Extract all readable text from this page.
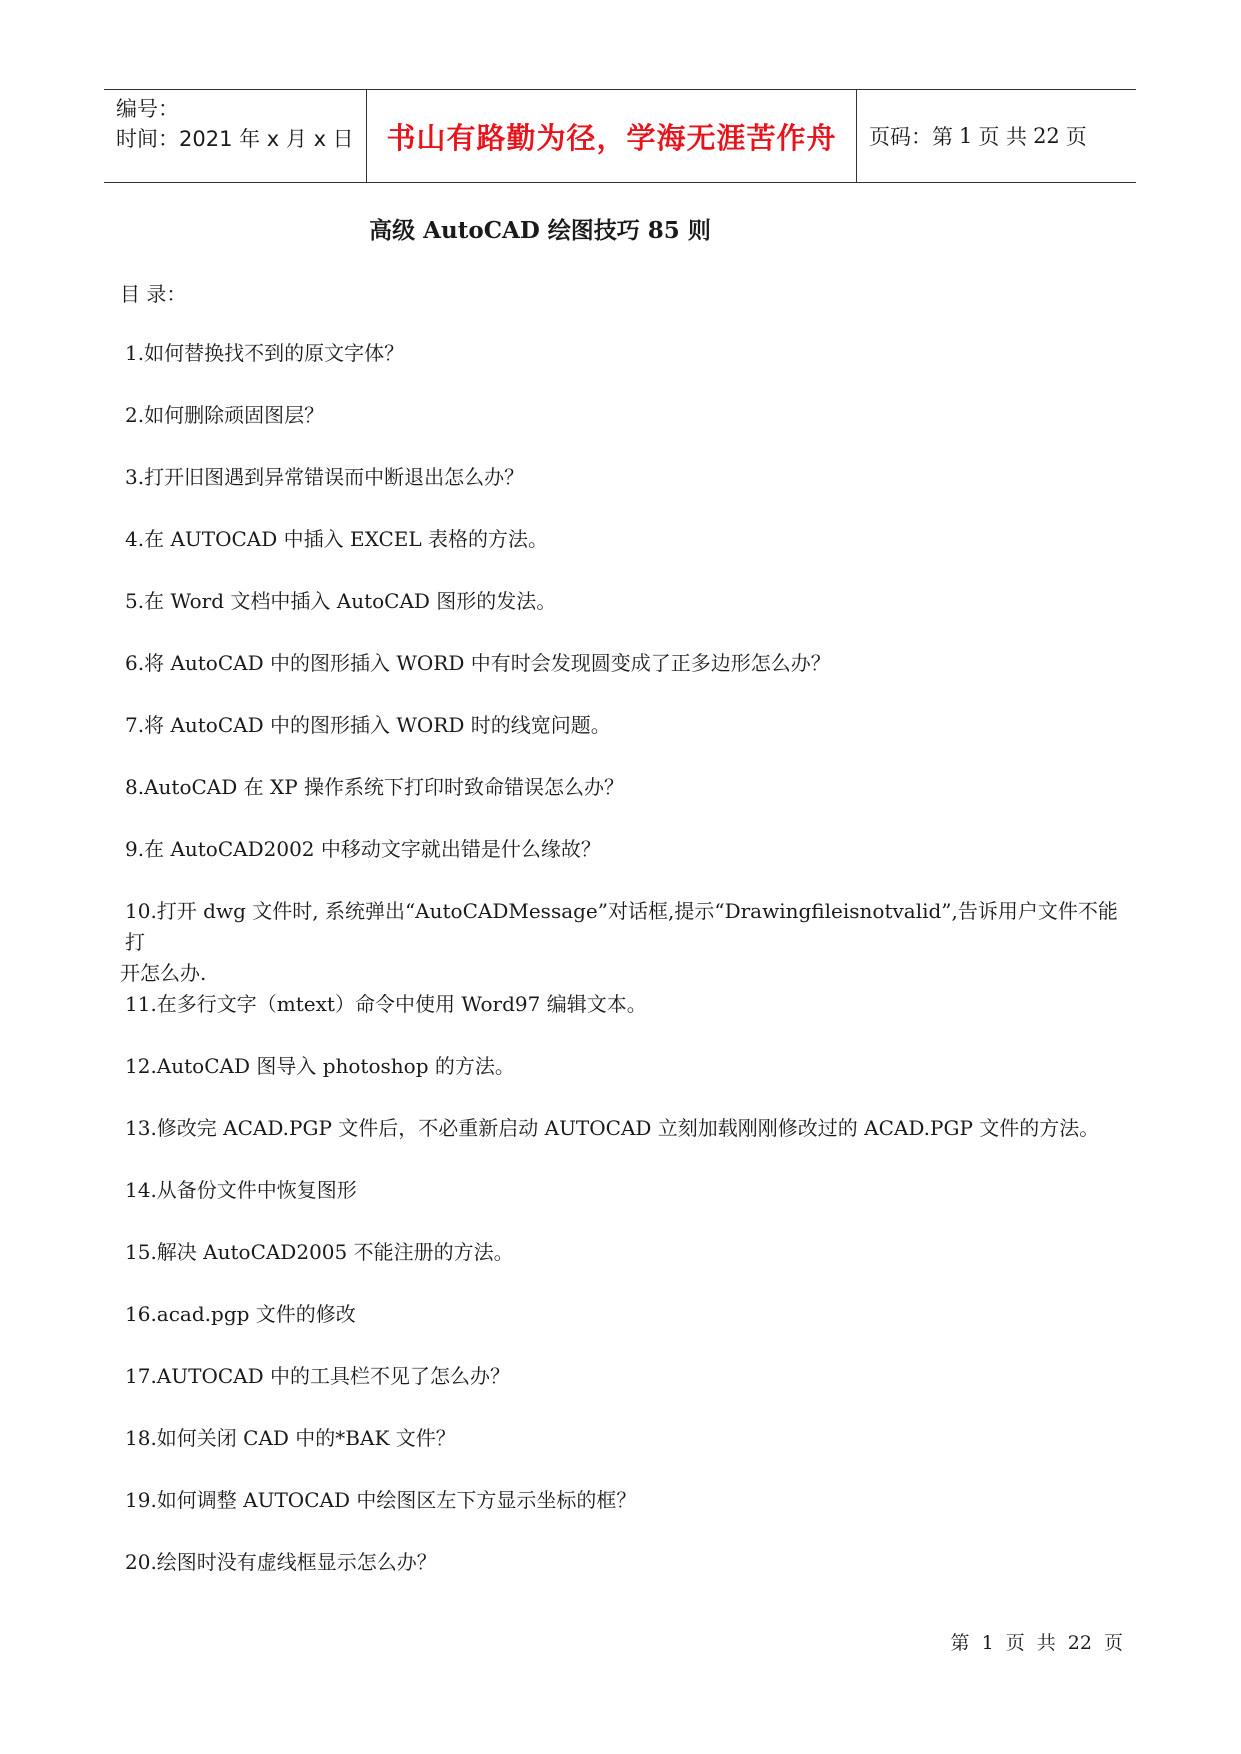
编号：
时间：2021 年 x 月 x 日	书山有路勤为径，学海无涯苦作舟	页码：第 1 页 共 22 页
高级 AutoCAD 绘图技巧 85 则
目 录：
1.如何替换找不到的原文字体？
2.如何删除顽固图层？
3.打开旧图遇到异常错误而中断退出怎么办？
4.在 AUTOCAD 中插入 EXCEL 表格的方法。
5.在 Word 文档中插入 AutoCAD 图形的发法。
6.将 AutoCAD 中的图形插入 WORD 中有时会发现圆变成了正多边形怎么办？
7.将 AutoCAD 中的图形插入 WORD 时的线宽问题。
8.AutoCAD 在 XP 操作系统下打印时致命错误怎么办？
9.在 AutoCAD2002 中移动文字就出错是什么缘故？
10.打开 dwg 文件时, 系统弹出“AutoCADMessage”对话框,提示“Drawingfileisnotvalid”,告诉用户文件不能打
开怎么办.
11.在多行文字（mtext）命令中使用 Word97 编辑文本。
12.AutoCAD 图导入 photoshop 的方法。
13.修改完 ACAD.PGP 文件后，不必重新启动 AUTOCAD 立刻加载刚刚修改过的 ACAD.PGP 文件的方法。
14.从备份文件中恢复图形
15.解决 AutoCAD2005 不能注册的方法。
16.acad.pgp 文件的修改
17.AUTOCAD 中的工具栏不见了怎么办？
18.如何关闭 CAD 中的*BAK 文件？
19.如何调整 AUTOCAD 中绘图区左下方显示坐标的框？
20.绘图时没有虚线框显示怎么办？
第 1 页 共 22 页
